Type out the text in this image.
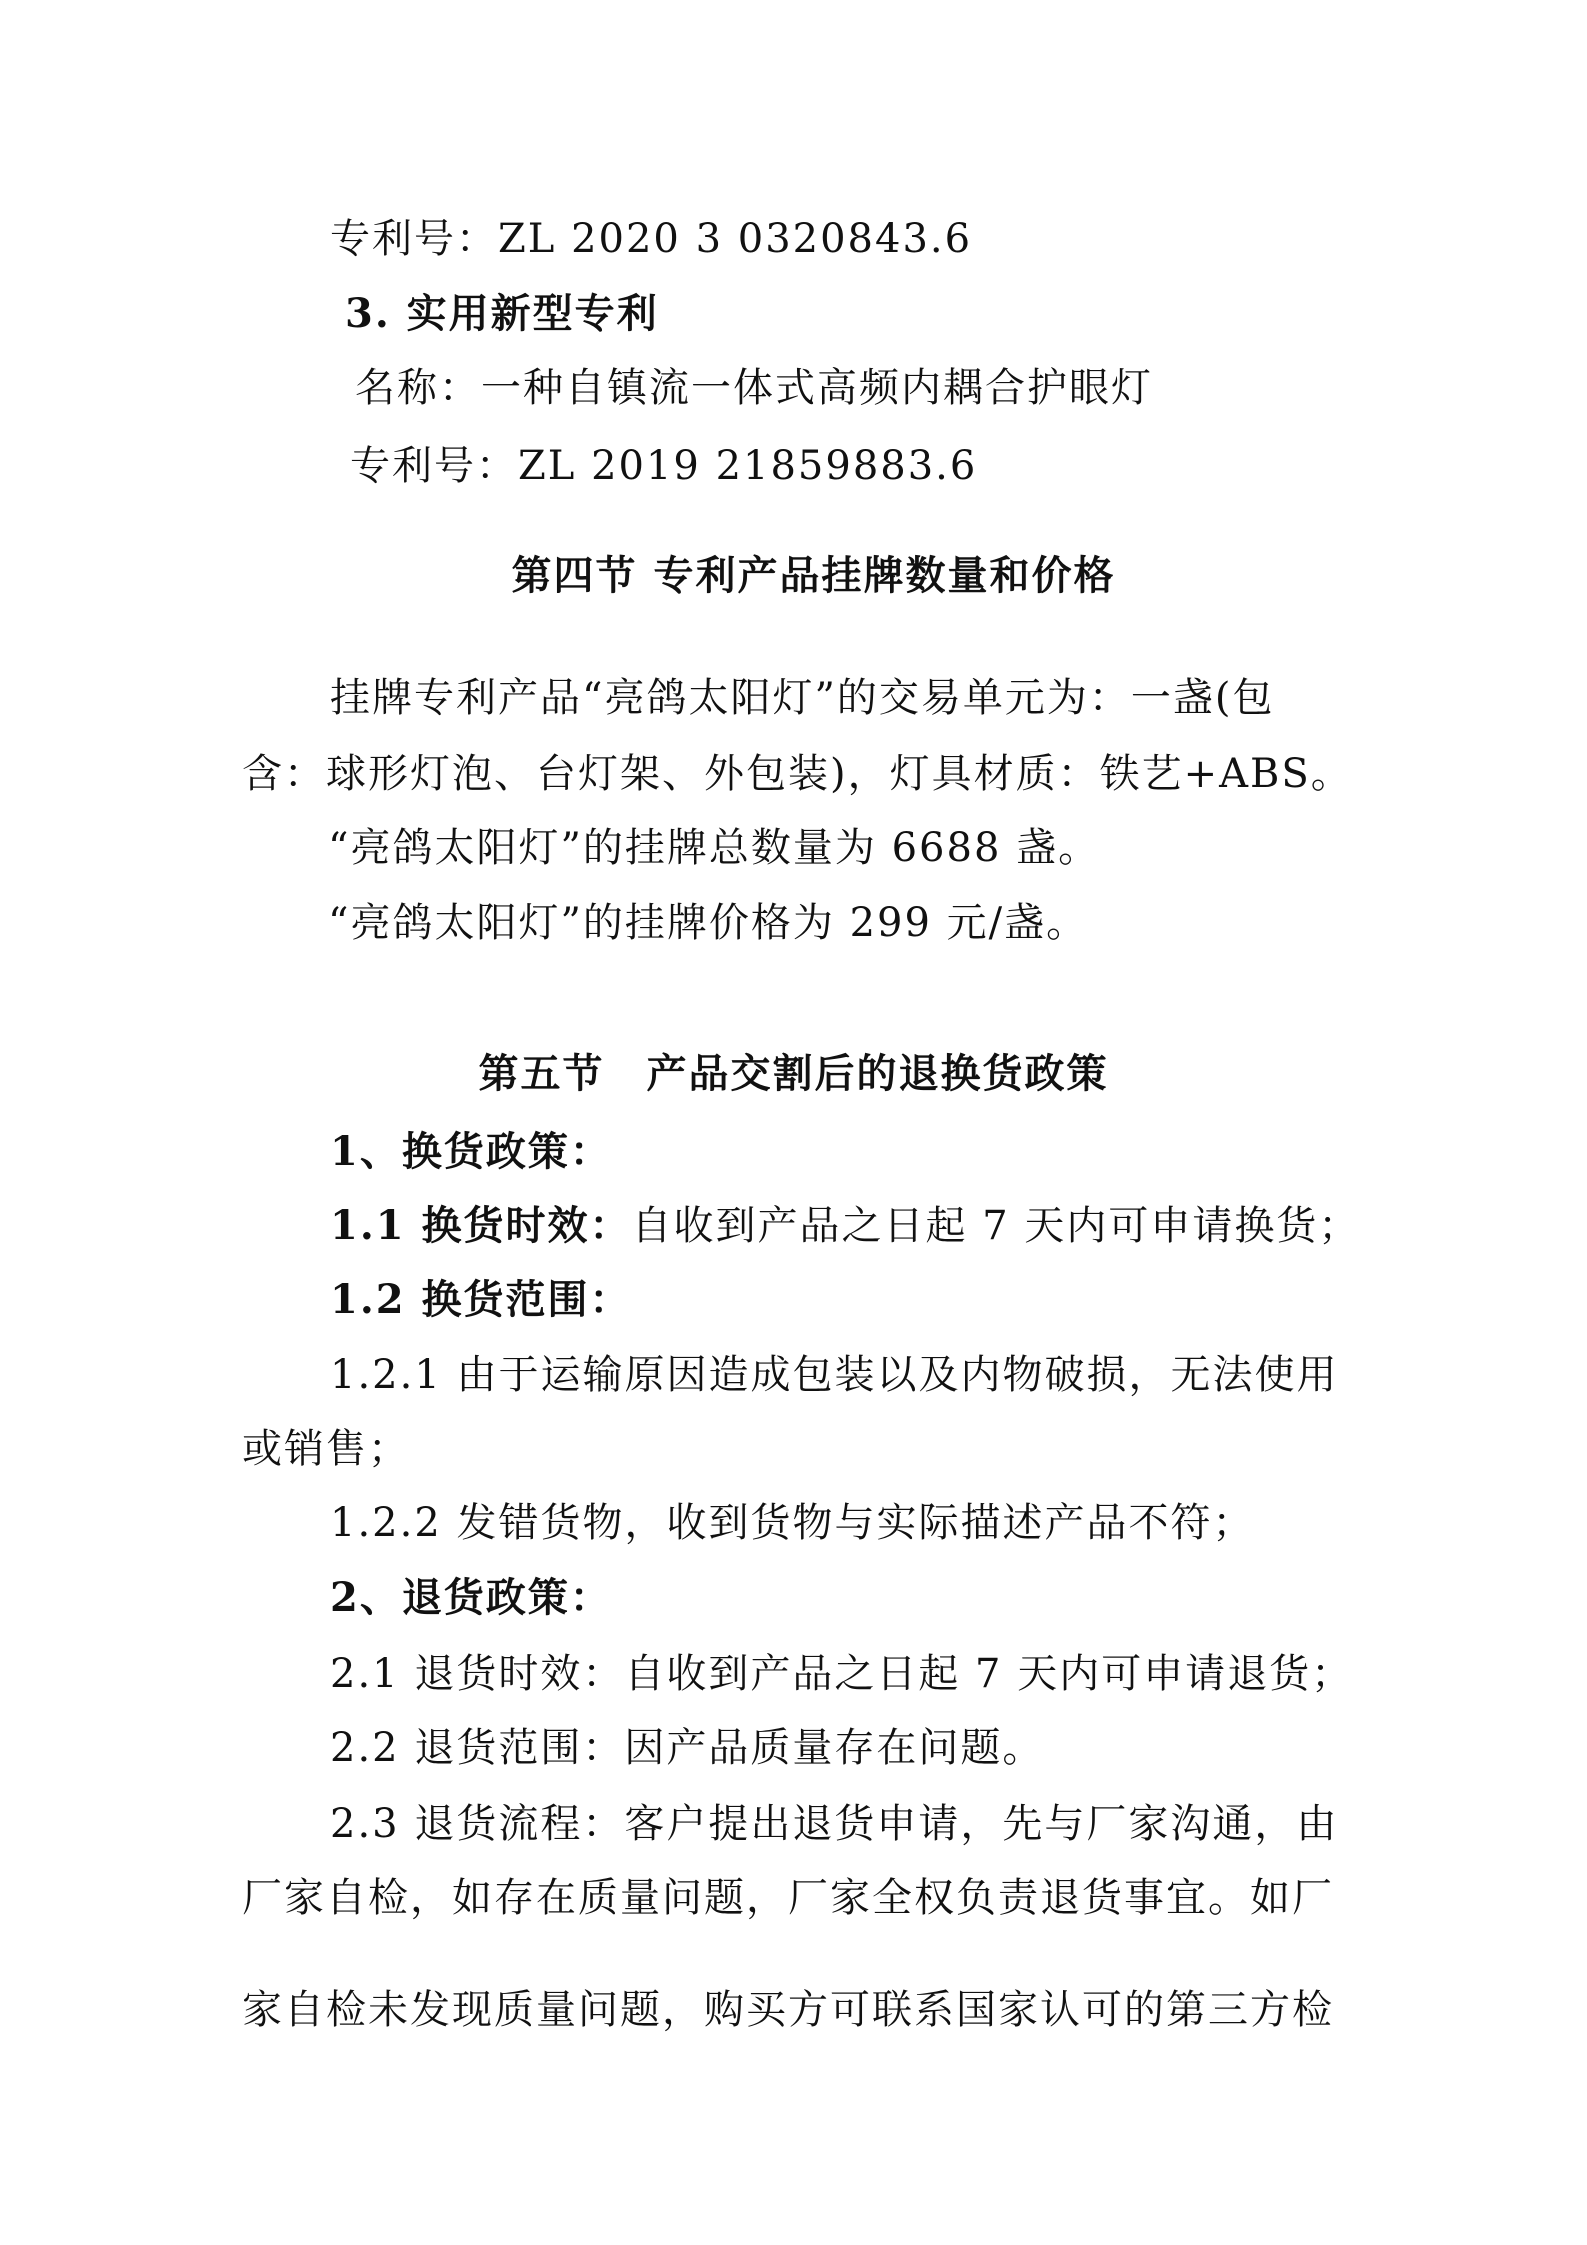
专利号：ZL 2020 3 0320843.6
3. 实用新型专利
名称：一种自镇流一体式高频内耦合护眼灯
专利号：ZL 2019 21859883.6
第四节 专利产品挂牌数量和价格
挂牌专利产品“亮鸽太阳灯”的交易单元为：一盏(包
含：球形灯泡、台灯架、外包装)，灯具材质：铁艺+ABS。
“亮鸽太阳灯”的挂牌总数量为 6688 盏。
“亮鸽太阳灯”的挂牌价格为 299 元/盏。
第五节　产品交割后的退换货政策
1、换货政策：
1.1 换货时效：自收到产品之日起 7 天内可申请换货；
1.2 换货范围：
1.2.1 由于运输原因造成包装以及内物破损，无法使用
或销售；
1.2.2 发错货物，收到货物与实际描述产品不符；
2、退货政策：
2.1 退货时效：自收到产品之日起 7 天内可申请退货；
2.2 退货范围：因产品质量存在问题。
2.3 退货流程：客户提出退货申请，先与厂家沟通，由
厂家自检，如存在质量问题，厂家全权负责退货事宜。如厂
家自检未发现质量问题，购买方可联系国家认可的第三方检
